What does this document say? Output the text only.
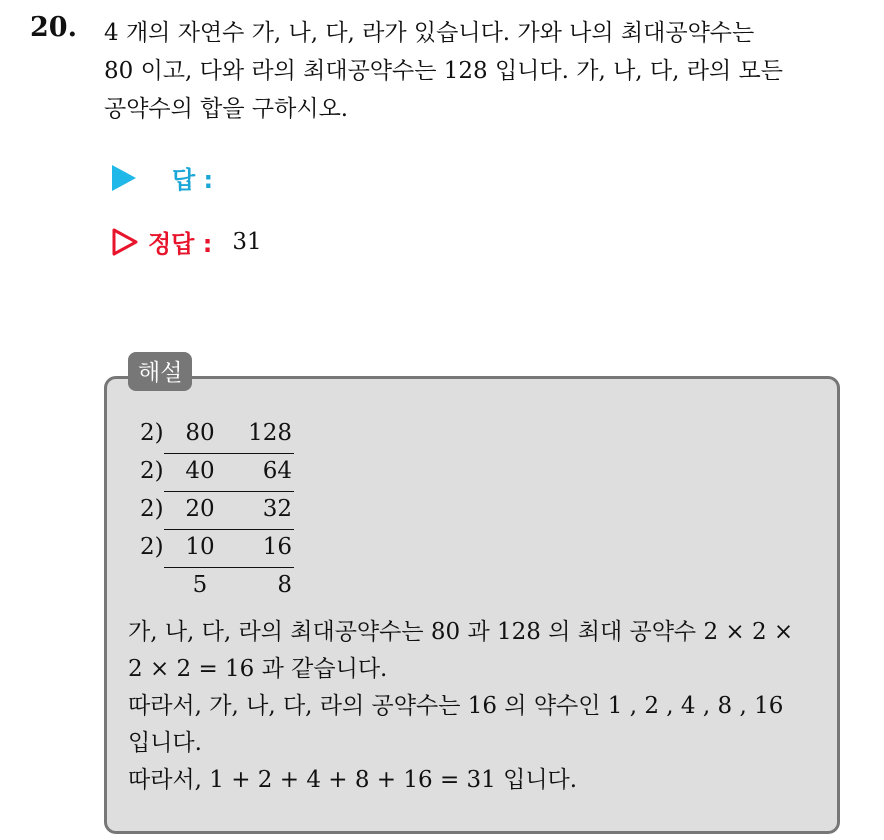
20. 4 개의 자연수 가, 나, 다, 라가 있습니다. 가와 나의 최대공약수는
80 이고, 다와 라의 최대공약수는 128 입니다. 가, 나, 다, 라의 모든
공약수의 합을 구하시오.
답 :
정답 : 31
해설
2) 80	128
2) 40	64
2) 20	32
2) 10	16
5	8
가, 나, 다, 라의 최대공약수는 80 과 128 의 최대 공약수 2 × 2 ×
2 × 2 = 16 과 같습니다.
따라서, 가, 나, 다, 라의 공약수는 16 의 약수인 1 , 2 , 4 , 8 , 16
입니다.
따라서, 1 + 2 + 4 + 8 + 16 = 31 입니다.
